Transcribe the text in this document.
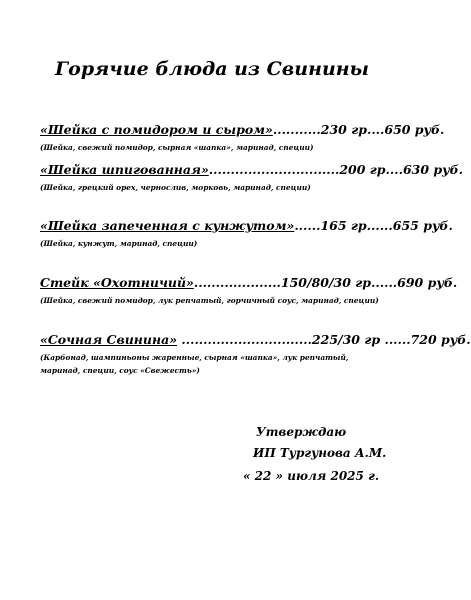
Горячие блюда из Свинины
«Шейка с помидором и сыром»...........230 гр....650 руб.
(Шейка, свежий помидор, сырная «шапка», маринад, специи)
«Шейка шпигованная»..............................200 гр....630 руб.
(Шейка, грецкий орех, чернослив, морковь, маринад, специи)
«Шейка запеченная с кунжутом»......165 гр......655 руб.
(Шейка, кунжут, маринад, специи)
Стейк «Охотничий»....................150/80/30 гр......690 руб.
(Шейка, свежий помидор, лук репчатый, горчичный соус, маринад, специи)
«Сочная Свинина» ..............................225/30 гр ......720 руб.
(Карбонад, шампиньоны жаренные, сырная «шапка», лук репчатый, маринад, специи, соус «Свежесть»)
Утверждаю
ИП Тургунова А.М.
« 22 » июля 2025 г.
